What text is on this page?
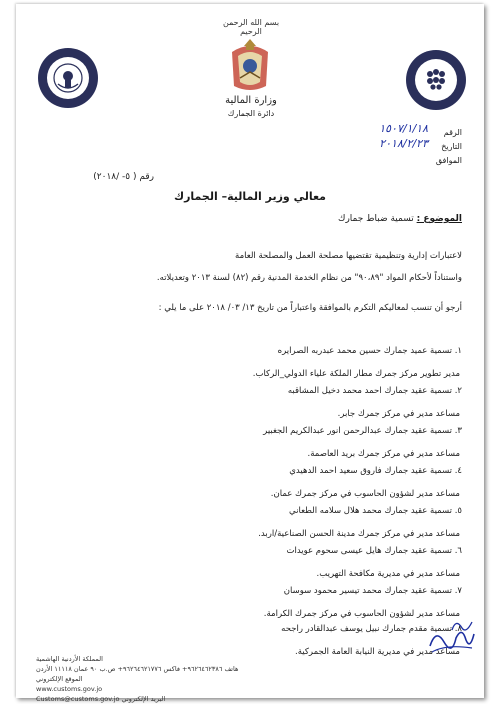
بسم الله الرحمن الرحيم
وزارة المالية
دائرة الجمارك
الرقم
١٥٠٧/١/١٨
التاريخ
٢٠١٨/٢/٢٣
الموافق
رقم ( ٥- /٢٠١٨)
معالي وزير المالية– الجمارك
الموضوع : تسمية ضباط جمارك
لاعتبارات إدارية وتنظيمية تقتضيها مصلحة العمل والمصلحة العامة
واستناداً لأحكام المواد "٩٠،٨٩" من نظام الخدمة المدنية رقم (٨٢) لسنة ٢٠١٣ وتعديلاته.
أرجو أن تنسب لمعاليكم التكرم بالموافقة واعتباراً من تاريخ ١٣/ ٠٣/ ٢٠١٨ على ما يلي :
١. تسمية عميد جمارك حسين محمد عبدربه الصرايره
مدير تطوير مركز جمرك مطار الملكة علياء الدولي_الركاب.
٢. تسمية عقيد جمارك احمد محمد دخيل المشاقبه
مساعد مدير في مركز جمرك جابر.
٣. تسمية عقيد جمارك عبدالرحمن انور عبدالكريم الجغبير
مساعد مدير في مركز جمرك بريد العاصمة.
٤. تسمية عقيد جمارك فاروق سعيد احمد الدهيدي
مساعد مدير لشؤون الحاسوب في مركز جمرك عمان.
٥. تسمية عقيد جمارك محمد هلال سلامه الطعاني
مساعد مدير في مركز جمرك مدينة الحسن الصناعية/اربد.
٦. تسمية عقيد جمارك هايل عيسى سحوم عويدات
مساعد مدير في مديرية مكافحة التهريب.
٧. تسمية عقيد جمارك محمد تيسير محمود سوسان
مساعد مدير لشؤون الحاسوب في مركز جمرك الكرامة.
٨. تسمية مقدم جمارك نبيل يوسف عبدالقادر راجحه
مساعد مدير في مديرية النيابة العامة الجمركية.
المملكة الأردنية الهاشمية
هاتف ٩٦٢٦٤٦٢٣٨٦+ فاكس ٩٦٢٦٤٦٢١٧٧٦+ ص.ب ٩٠ عمان ١١١١٨ الأردن الموقع الإلكتروني
www.customs.gov.jo
البريد الإلكتروني Customs@customs.gov.jo
